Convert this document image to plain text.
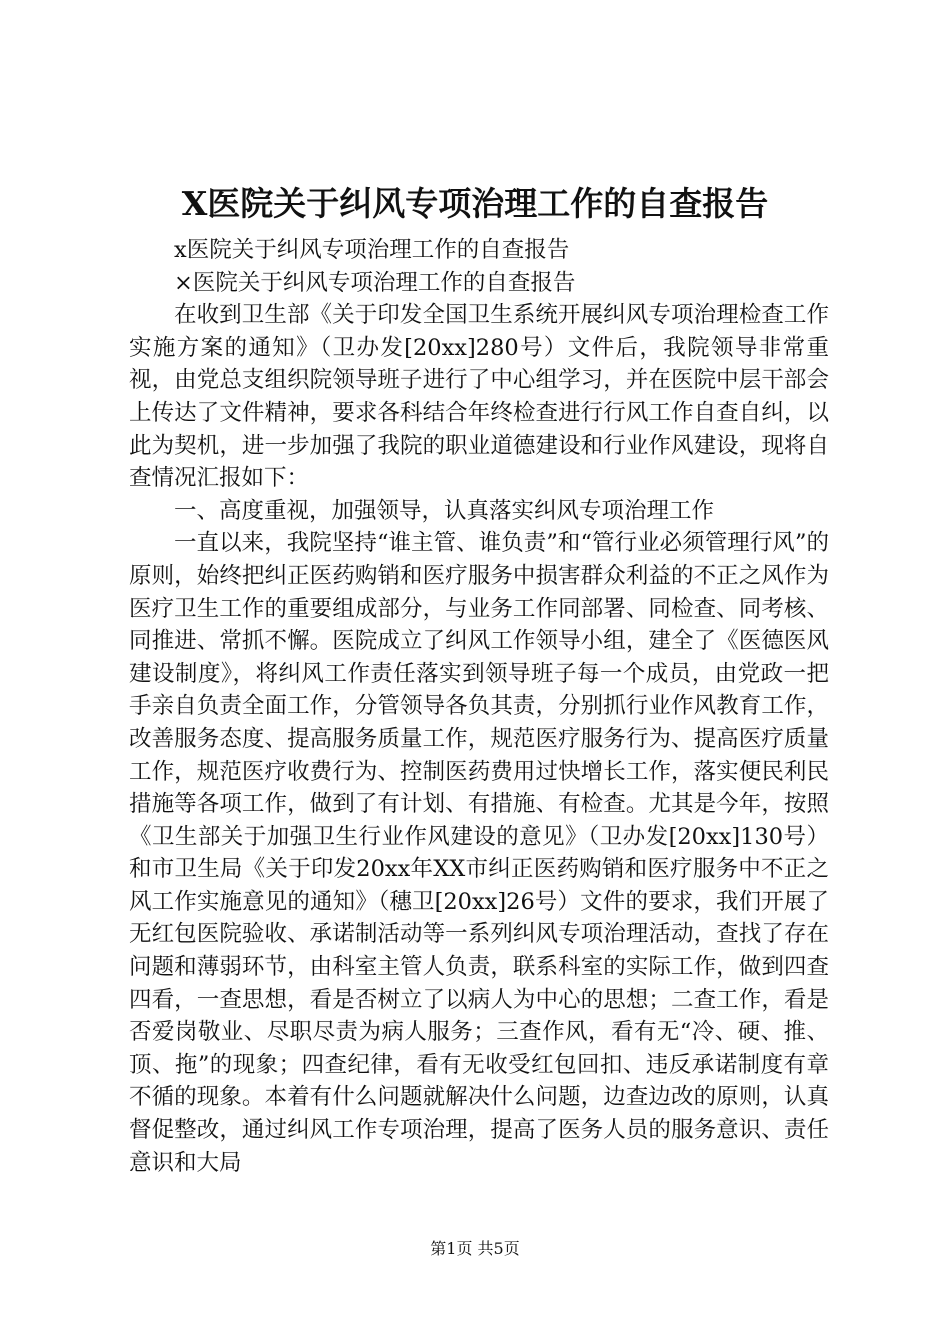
X医院关于纠风专项治理工作的自查报告

x医院关于纠风专项治理工作的自查报告

×医院关于纠风专项治理工作的自查报告

在收到卫生部《关于印发全国卫生系统开展纠风专项治理检查工作实施方案的通知》（卫办发[20xx]280号）文件后，我院领导非常重视，由党总支组织院领导班子进行了中心组学习，并在医院中层干部会上传达了文件精神，要求各科结合年终检查进行行风工作自查自纠，以此为契机，进一步加强了我院的职业道德建设和行业作风建设，现将自查情况汇报如下：

一、高度重视，加强领导，认真落实纠风专项治理工作

一直以来，我院坚持“谁主管、谁负责”和“管行业必须管理行风”的原则，始终把纠正医药购销和医疗服务中损害群众利益的不正之风作为医疗卫生工作的重要组成部分，与业务工作同部署、同检查、同考核、同推进、常抓不懈。医院成立了纠风工作领导小组，建全了《医德医风建设制度》，将纠风工作责任落实到领导班子每一个成员，由党政一把手亲自负责全面工作，分管领导各负其责，分别抓行业作风教育工作，改善服务态度、提高服务质量工作，规范医疗服务行为、提高医疗质量工作，规范医疗收费行为、控制医药费用过快增长工作，落实便民利民措施等各项工作，做到了有计划、有措施、有检查。尤其是今年，按照《卫生部关于加强卫生行业作风建设的意见》（卫办发[20xx]130号）和市卫生局《关于印发20xx年XX市纠正医药购销和医疗服务中不正之风工作实施意见的通知》（穗卫[20xx]26号）文件的要求，我们开展了无红包医院验收、承诺制活动等一系列纠风专项治理活动，查找了存在问题和薄弱环节，由科室主管人负责，联系科室的实际工作，做到四查四看，一查思想，看是否树立了以病人为中心的思想；二查工作，看是否爱岗敬业、尽职尽责为病人服务；三查作风，看有无“冷、硬、推、顶、拖”的现象；四查纪律，看有无收受红包回扣、违反承诺制度有章不循的现象。本着有什么问题就解决什么问题，边查边改的原则，认真督促整改，通过纠风工作专项治理，提高了医务人员的服务意识、责任意识和大局

第1页 共5页
